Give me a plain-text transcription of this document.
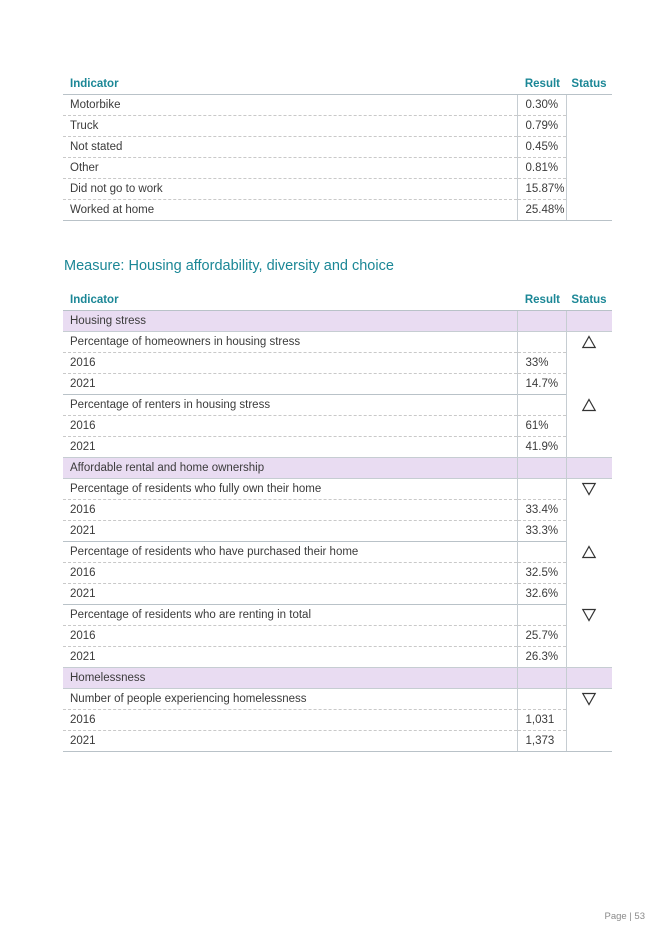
Indicator	Result	Status
Motorbike	0.30%	
Truck	0.79%	
Not stated	0.45%	
Other	0.81%	
Did not go to work	15.87%	
Worked at home	25.48%	
Measure: Housing affordability, diversity and choice
Indicator	Result	Status
Housing stress		
Percentage of homeowners in housing stress		

2016	33%	
2021	14.7%	
Percentage of renters in housing stress		

2016	61%	
2021	41.9%	
Affordable rental and home ownership		
Percentage of residents who fully own their home		

2016	33.4%	
2021	33.3%	
Percentage of residents who have purchased their home		

2016	32.5%	
2021	32.6%	
Percentage of residents who are renting in total		

2016	25.7%	
2021	26.3%	
Homelessness		
Number of people experiencing homelessness		

2016	1,031	
2021	1,373	
Page | 53
